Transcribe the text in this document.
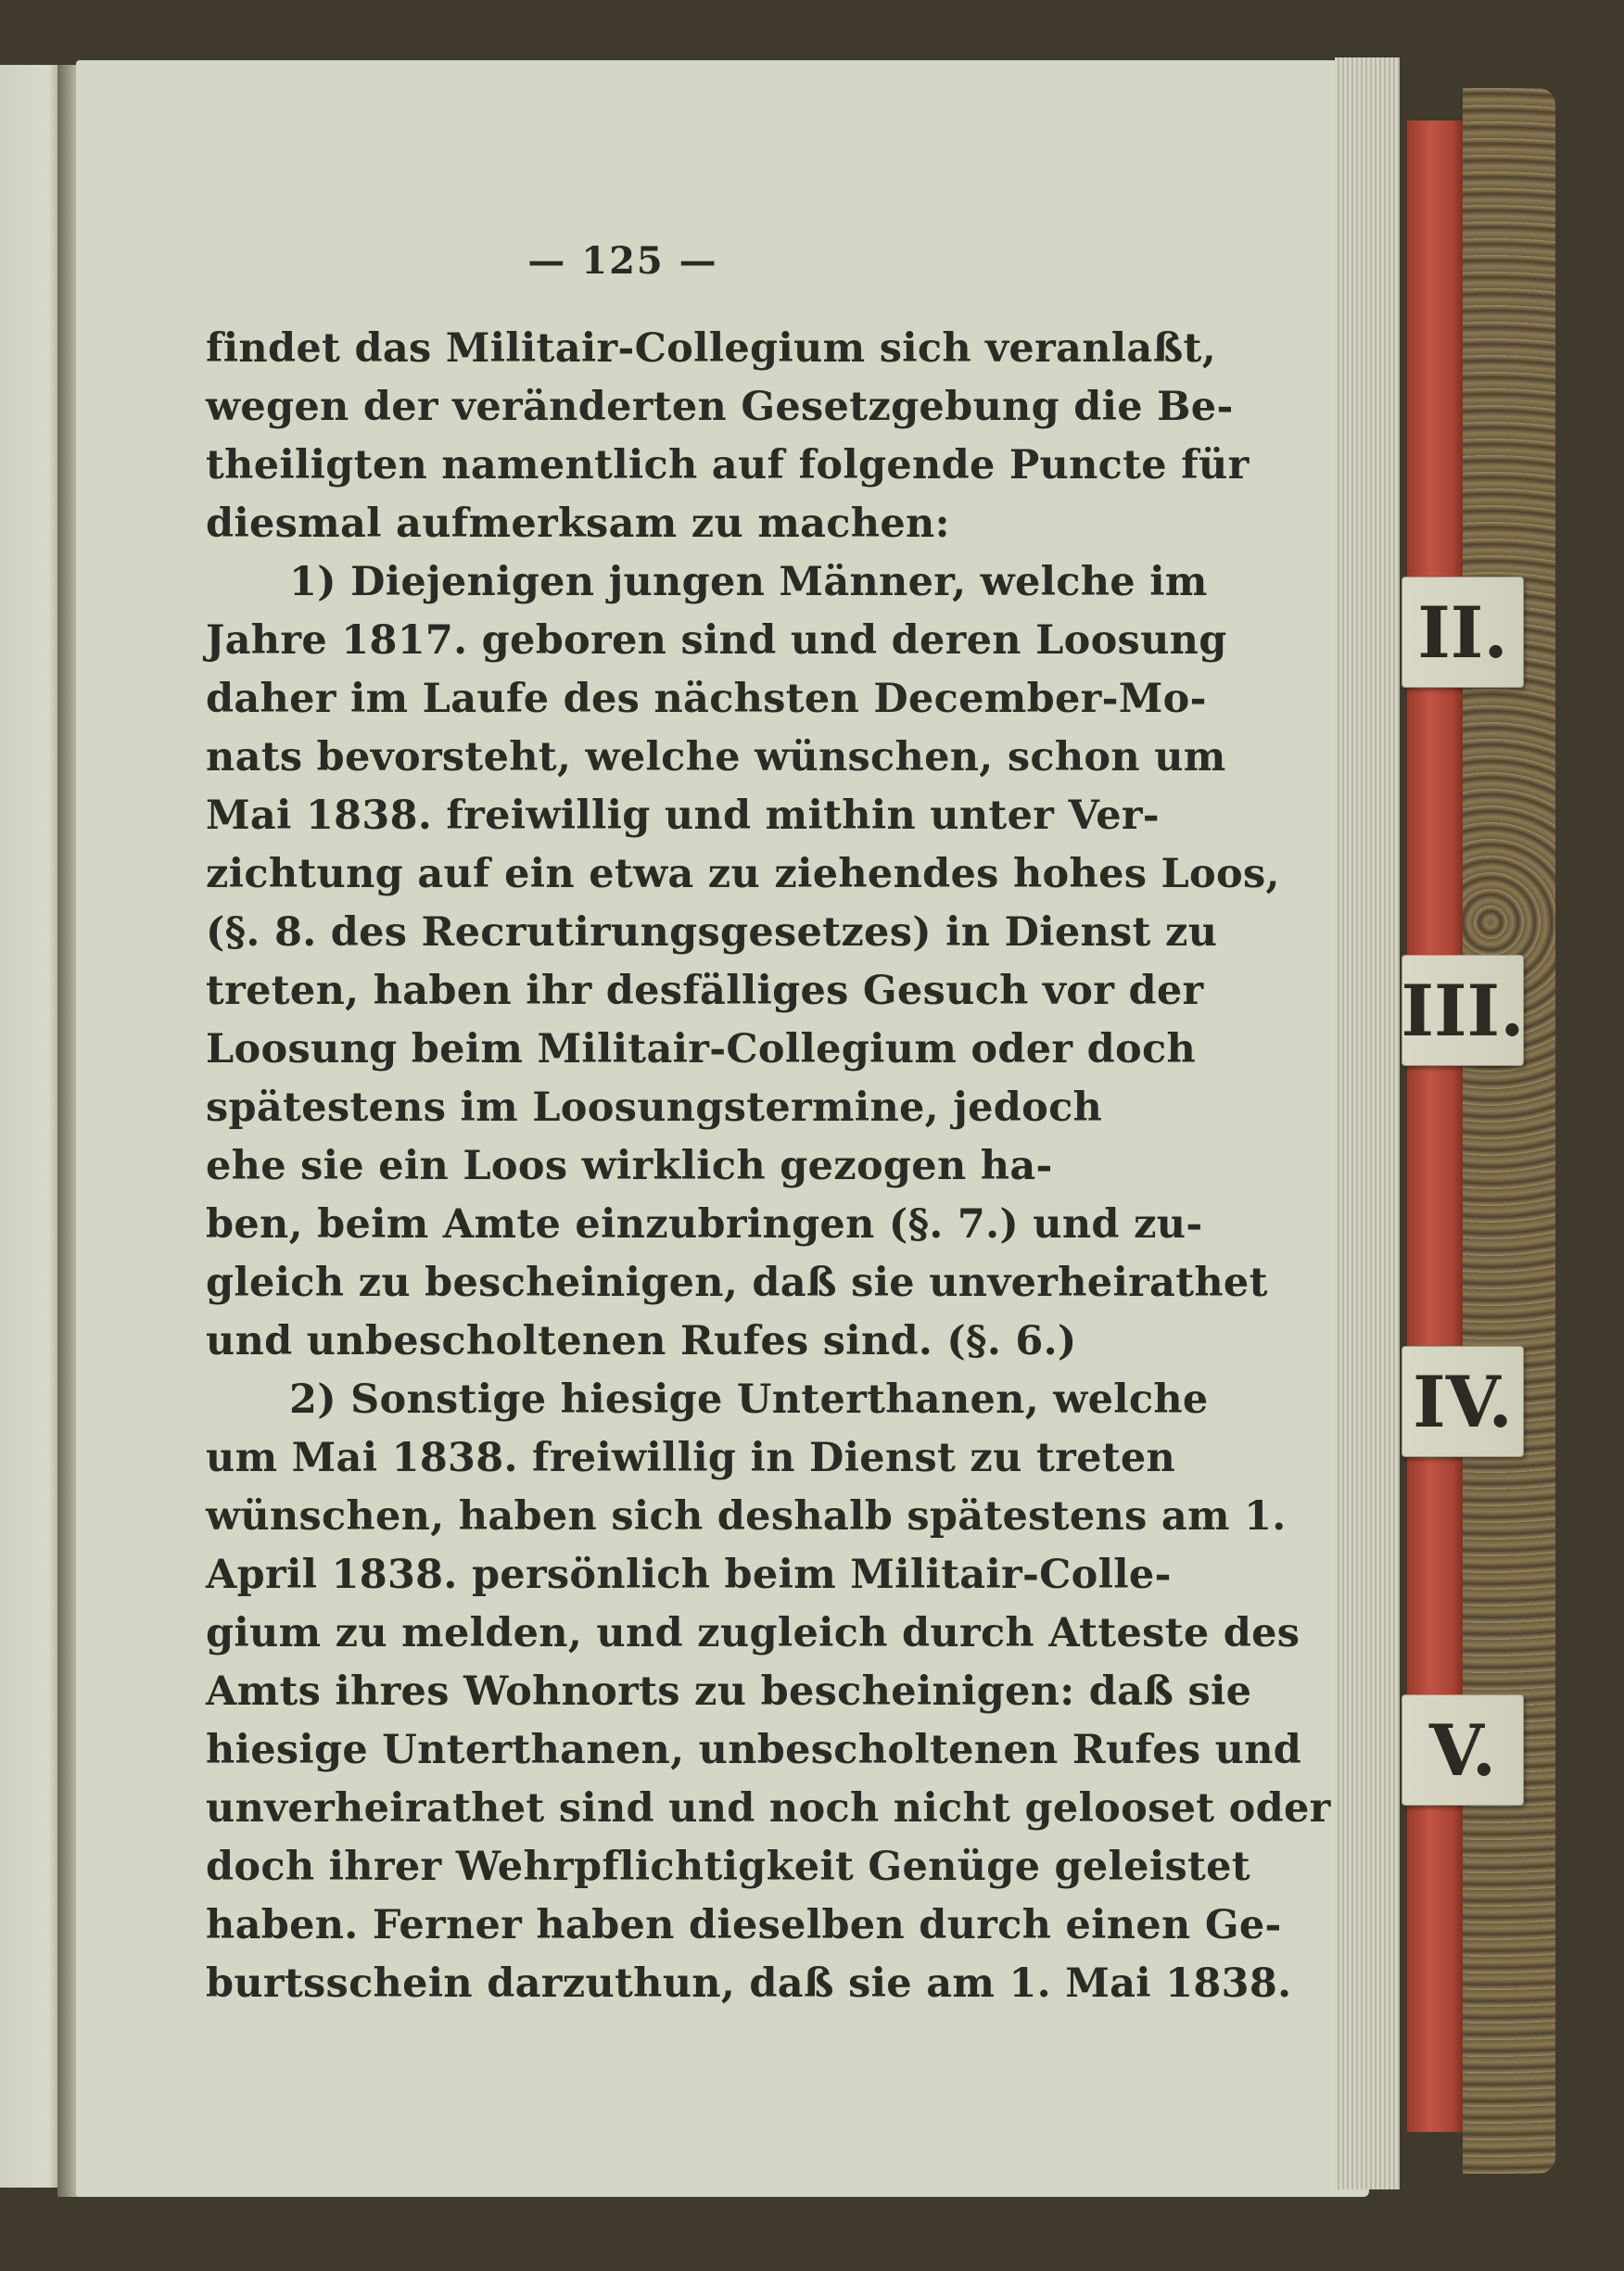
II.
III.
IV.
V.
— 125 —
findet das Militair-Collegium sich veranlaßt,
wegen der veränderten Gesetzgebung die Be-
theiligten namentlich auf folgende Puncte für
diesmal aufmerksam zu machen:
1) Diejenigen jungen Männer, welche im
Jahre 1817. geboren sind und deren Loosung
daher im Laufe des nächsten December-Mo-
nats bevorsteht, welche wünschen, schon um
Mai 1838. freiwillig und mithin unter Ver-
zichtung auf ein etwa zu ziehendes hohes Loos,
(§. 8. des Recrutirungsgesetzes) in Dienst zu
treten, haben ihr desfälliges Gesuch vor der
Loosung beim Militair-Collegium oder doch
spätestens im Loosungstermine, jedoch
ehe sie ein Loos wirklich gezogen ha-
ben, beim Amte einzubringen (§. 7.) und zu-
gleich zu bescheinigen, daß sie unverheirathet
und unbescholtenen Rufes sind. (§. 6.)
2) Sonstige hiesige Unterthanen, welche
um Mai 1838. freiwillig in Dienst zu treten
wünschen, haben sich deshalb spätestens am 1.
April 1838. persönlich beim Militair-Colle-
gium zu melden, und zugleich durch Atteste des
Amts ihres Wohnorts zu bescheinigen: daß sie
hiesige Unterthanen, unbescholtenen Rufes und
unverheirathet sind und noch nicht gelooset oder
doch ihrer Wehrpflichtigkeit Genüge geleistet
haben. Ferner haben dieselben durch einen Ge-
burtsschein darzuthun, daß sie am 1. Mai 1838.
